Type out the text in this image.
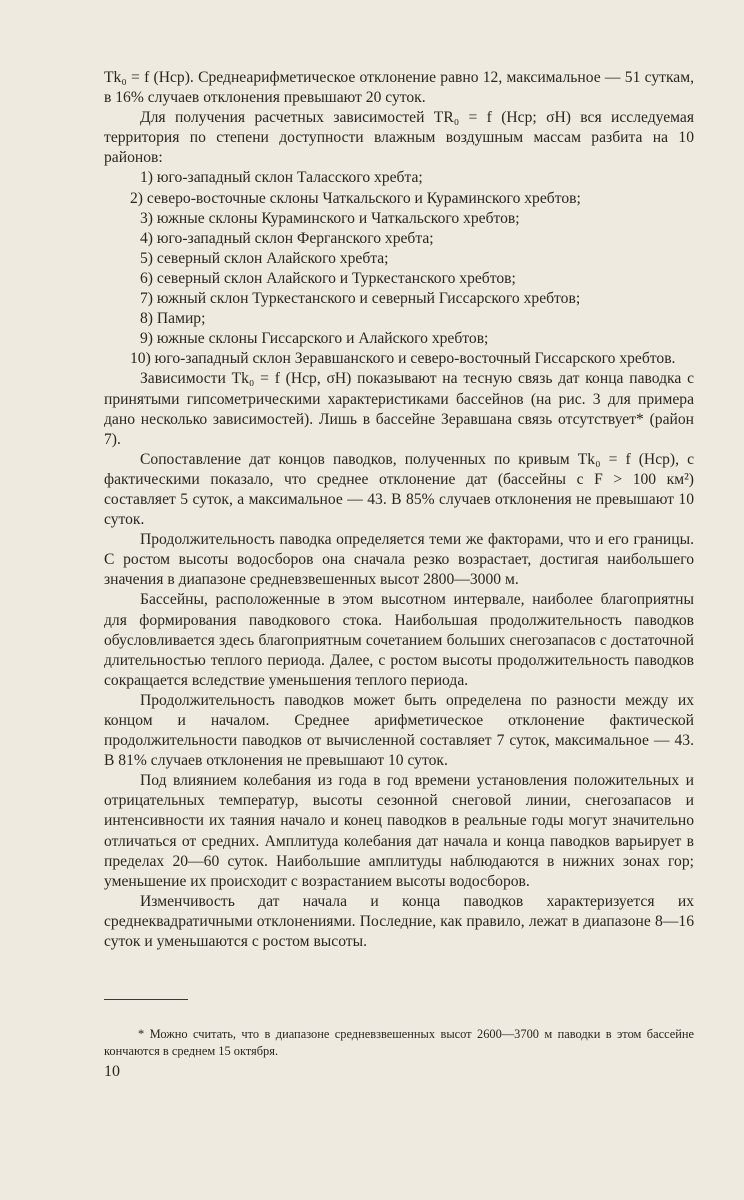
Tk₀ = f (Hср). Среднеарифметическое отклонение равно 12, максимальное — 51 суткам, в 16% случаев отклонения превышают 20 суток.

Для получения расчетных зависимостей TR₀ = f (Hср; σH) вся исследуемая территория по степени доступности влажным воздушным массам разбита на 10 районов:

1) юго-западный склон Таласского хребта;

2) северо-восточные склоны Чаткальского и Кураминского хребтов;

3) южные склоны Кураминского и Чаткальского хребтов;

4) юго-западный склон Ферганского хребта;

5) северный склон Алайского хребта;

6) северный склон Алайского и Туркестанского хребтов;

7) южный склон Туркестанского и северный Гиссарского хребтов;

8) Памир;

9) южные склоны Гиссарского и Алайского хребтов;

10) юго-западный склон Зеравшанского и северо-восточный Гиссарского хребтов.

Зависимости Tk₀ = f (Hср, σH) показывают на тесную связь дат конца паводка с принятыми гипсометрическими характеристиками бассейнов (на рис. 3 для примера дано несколько зависимостей). Лишь в бассейне Зеравшана связь отсутствует* (район 7).

Сопоставление дат концов паводков, полученных по кривым Tk₀ = f (Hср), с фактическими показало, что среднее отклонение дат (бассейны с F > 100 км²) составляет 5 суток, а максимальное — 43. В 85% случаев отклонения не превышают 10 суток.

Продолжительность паводка определяется теми же факторами, что и его границы. С ростом высоты водосборов она сначала резко возрастает, достигая наибольшего значения в диапазоне средневзвешенных высот 2800—3000 м.

Бассейны, расположенные в этом высотном интервале, наиболее благоприятны для формирования паводкового стока. Наибольшая продолжительность паводков обусловливается здесь благоприятным сочетанием больших снегозапасов с достаточной длительностью теплого периода. Далее, с ростом высоты продолжительность паводков сокращается вследствие уменьшения теплого периода.

Продолжительность паводков может быть определена по разности между их концом и началом. Среднее арифметическое отклонение фактической продолжительности паводков от вычисленной составляет 7 суток, максимальное — 43. В 81% случаев отклонения не превышают 10 суток.

Под влиянием колебания из года в год времени установления положительных и отрицательных температур, высоты сезонной снеговой линии, снегозапасов и интенсивности их таяния начало и конец паводков в реальные годы могут значительно отличаться от средних. Амплитуда колебания дат начала и конца паводков варьирует в пределах 20—60 суток. Наибольшие амплитуды наблюдаются в нижних зонах гор; уменьшение их происходит с возрастанием высоты водосборов.

Изменчивость дат начала и конца паводков характеризуется их среднеквадратичными отклонениями. Последние, как правило, лежат в диапазоне 8—16 суток и уменьшаются с ростом высоты.

* Можно считать, что в диапазоне средневзвешенных высот 2600—3700 м паводки в этом бассейне кончаются в среднем 15 октября.

10
